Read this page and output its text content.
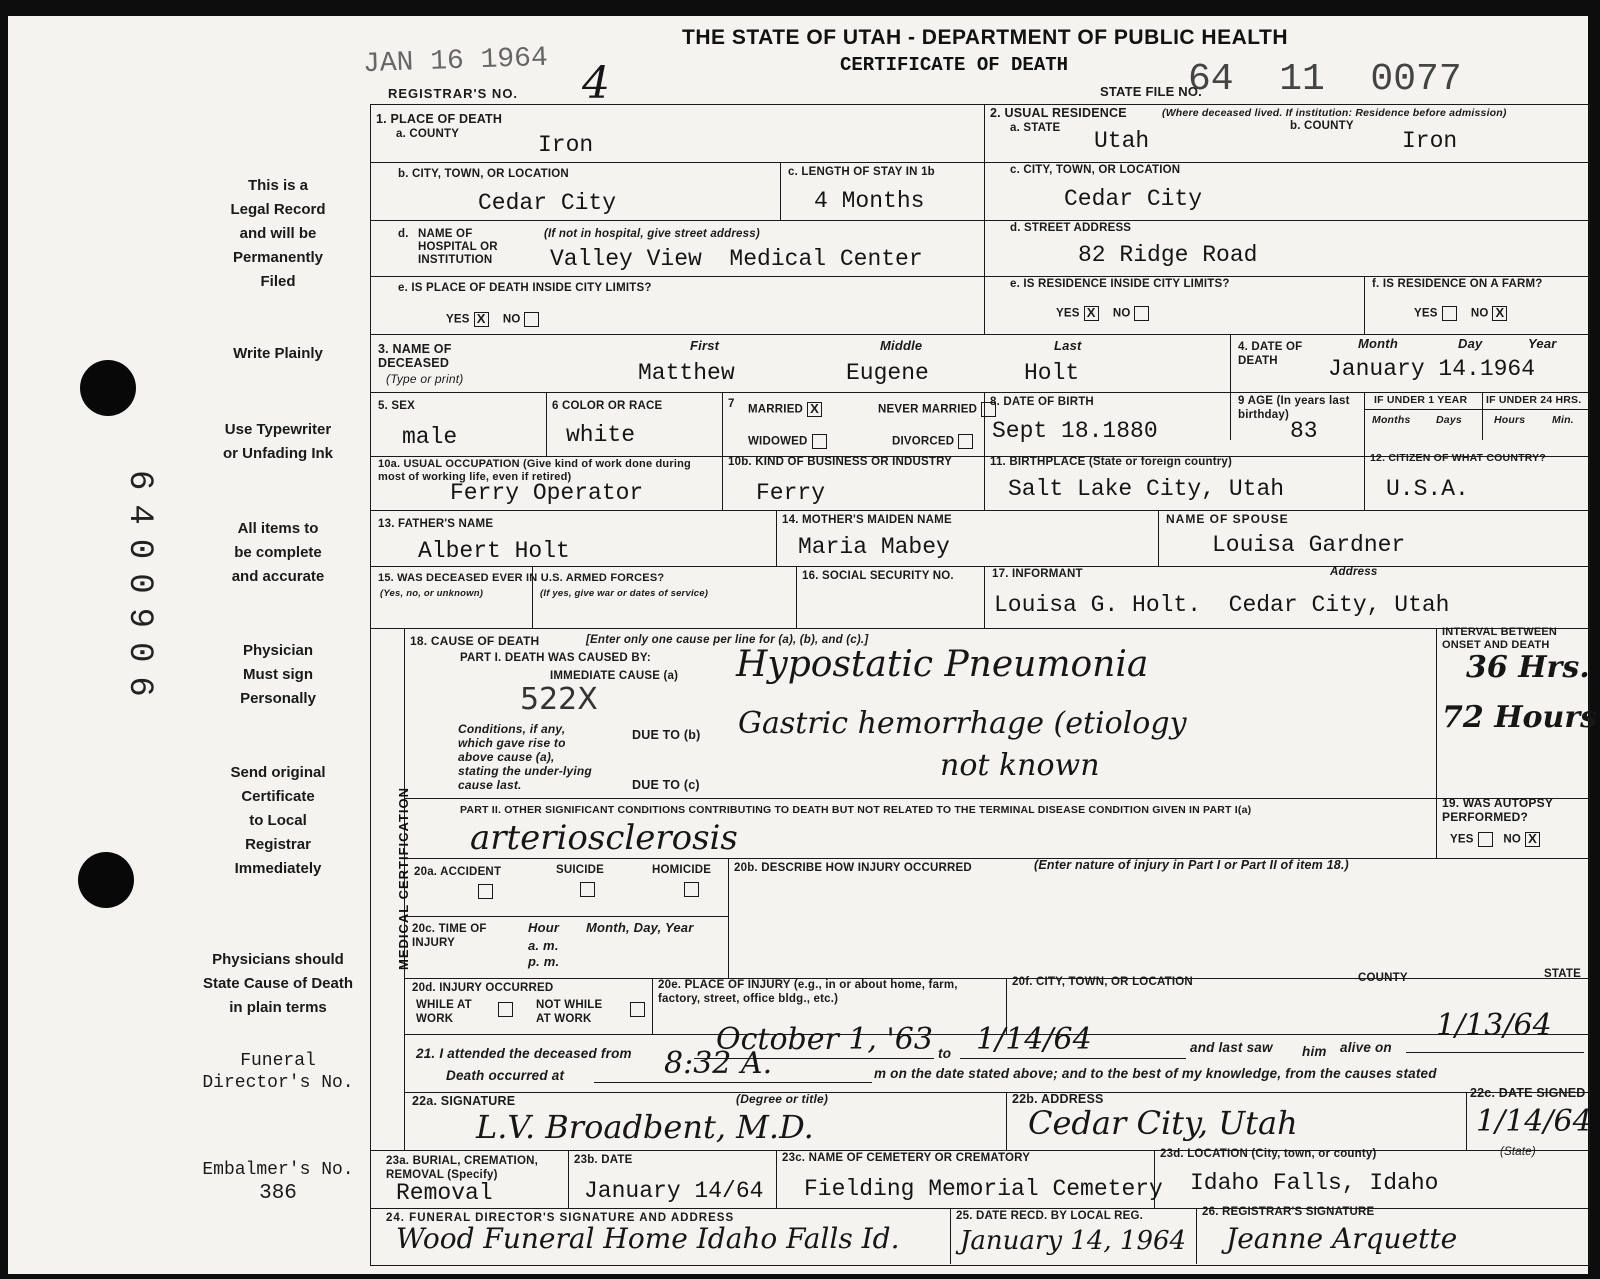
6400906
This is a
Legal Record
and will be
Permanently
Filed
Write Plainly
Use Typewriter
or Unfading Ink
All items to
be complete
and accurate
Physician
Must sign
Personally
Send original
Certificate
to Local
Registrar
Immediately
Physicians should
State Cause of Death
in plain terms
Funeral
Director's No.
Embalmer's No.
386
THE STATE OF UTAH - DEPARTMENT OF PUBLIC HEALTH
CERTIFICATE OF DEATH
JAN 16 1964
REGISTRAR'S NO. 4	STATE FILE NO.
64  11  0077
1. PLACE OF DEATH
a. COUNTY	Iron
b. CITY, TOWN, OR LOCATION
Cedar City
c. LENGTH OF STAY IN 1b
4 Months
d. NAME OF HOSPITAL OR INSTITUTION
(If not in hospital, give street address)
Valley View  Medical Center
e. IS PLACE OF DEATH INSIDE CITY LIMITS?
YES X NO
2. USUAL RESIDENCE	(Where deceased lived. If institution: Residence before admission)
a. STATE Utah
b. COUNTY
Iron
c. CITY, TOWN, OR LOCATION
Cedar City
d. STREET ADDRESS
82 Ridge Road
e. IS RESIDENCE INSIDE CITY LIMITS?
YES X NO
f. IS RESIDENCE ON A FARM?
YES	NO X
3. NAME OF DECEASED
(Type or print)
First	Middle	Last
Matthew	Eugene	Holt
4. DATE OF DEATH
Month	Day	Year
January 14.1964
5. SEX
male
6 COLOR OR RACE
white
7 MARRIED X	NEVER MARRIED
WIDOWED	DIVORCED
8. DATE OF BIRTH
Sept 18.1880
9 AGE (In years last birthday)
83
IF UNDER 1 YEAR IF UNDER 24 HRS.
Months Days	Hours	Min.
10a. USUAL OCCUPATION (Give kind of work done during most of working life, even if retired)
Ferry Operator
10b. KIND OF BUSINESS OR INDUSTRY
Ferry
11. BIRTHPLACE (State or foreign country)
Salt Lake City, Utah
12. CITIZEN OF WHAT COUNTRY?
U.S.A.
13. FATHER'S NAME
Albert Holt
14. MOTHER'S MAIDEN NAME
Maria Mabey
NAME OF SPOUSE
Louisa Gardner
15. WAS DECEASED EVER IN U.S. ARMED FORCES?
(Yes, no, or unknown)	(If yes, give war or dates of service)
16. SOCIAL SECURITY NO.	17. INFORMANT	Address
Louisa G. Holt.  Cedar City, Utah
MEDICAL CERTIFICATION
18. CAUSE OF DEATH	[Enter only one cause per line for (a), (b), and (c).]
PART I. DEATH WAS CAUSED BY:
IMMEDIATE CAUSE (a) Hypostatic Pneumonia
522X
Conditions, if any, which gave rise to above cause (a), stating the under-lying cause last.
DUE TO (b) Gastric hemorrhage (etiology
not known
DUE TO (c)
INTERVAL BETWEEN ONSET AND DEATH
36 Hrs.
72 Hours
PART II. OTHER SIGNIFICANT CONDITIONS CONTRIBUTING TO DEATH BUT NOT RELATED TO THE TERMINAL DISEASE CONDITION GIVEN IN PART I(a)
arteriosclerosis
19. WAS AUTOPSY PERFORMED?
YES	NO X
20a. ACCIDENT	SUICIDE	HOMICIDE 20b. DESCRIBE HOW INJURY OCCURRED	(Enter nature of injury in Part I or Part II of item 18.)
20c. TIME OF INJURY
Hour
a. m.
p. m.
Month, Day, Year
20d. INJURY OCCURRED
WHILE AT WORK
NOT WHILE AT WORK
20e. PLACE OF INJURY (e.g., in or about home, farm, factory, street, office bldg., etc.)
20f. CITY, TOWN, OR LOCATION	COUNTY	STATE
21. I attended the deceased from	October 1, '63 to 1/14/64	and last saw him alive on
1/13/64
Death occurred at	8:32 A.	m on the date stated above; and to the best of my knowledge, from the causes stated
22a. SIGNATURE	(Degree or title)
L.V. Broadbent, M.D.
22b. ADDRESS
Cedar City, Utah
22c. DATE SIGNED
1/14/64
23a. BURIAL, CREMATION, REMOVAL (Specify)
Removal
23b. DATE
January 14/64
23c. NAME OF CEMETERY OR CREMATORY
Fielding Memorial Cemetery
23d. LOCATION (City, town, or county)	(State)
Idaho Falls, Idaho
24. FUNERAL DIRECTOR'S SIGNATURE AND ADDRESS
Wood Funeral Home Idaho Falls Id.
25. DATE RECD. BY LOCAL REG.
January 14, 1964
26. REGISTRAR'S SIGNATURE
Jeanne Arquette
